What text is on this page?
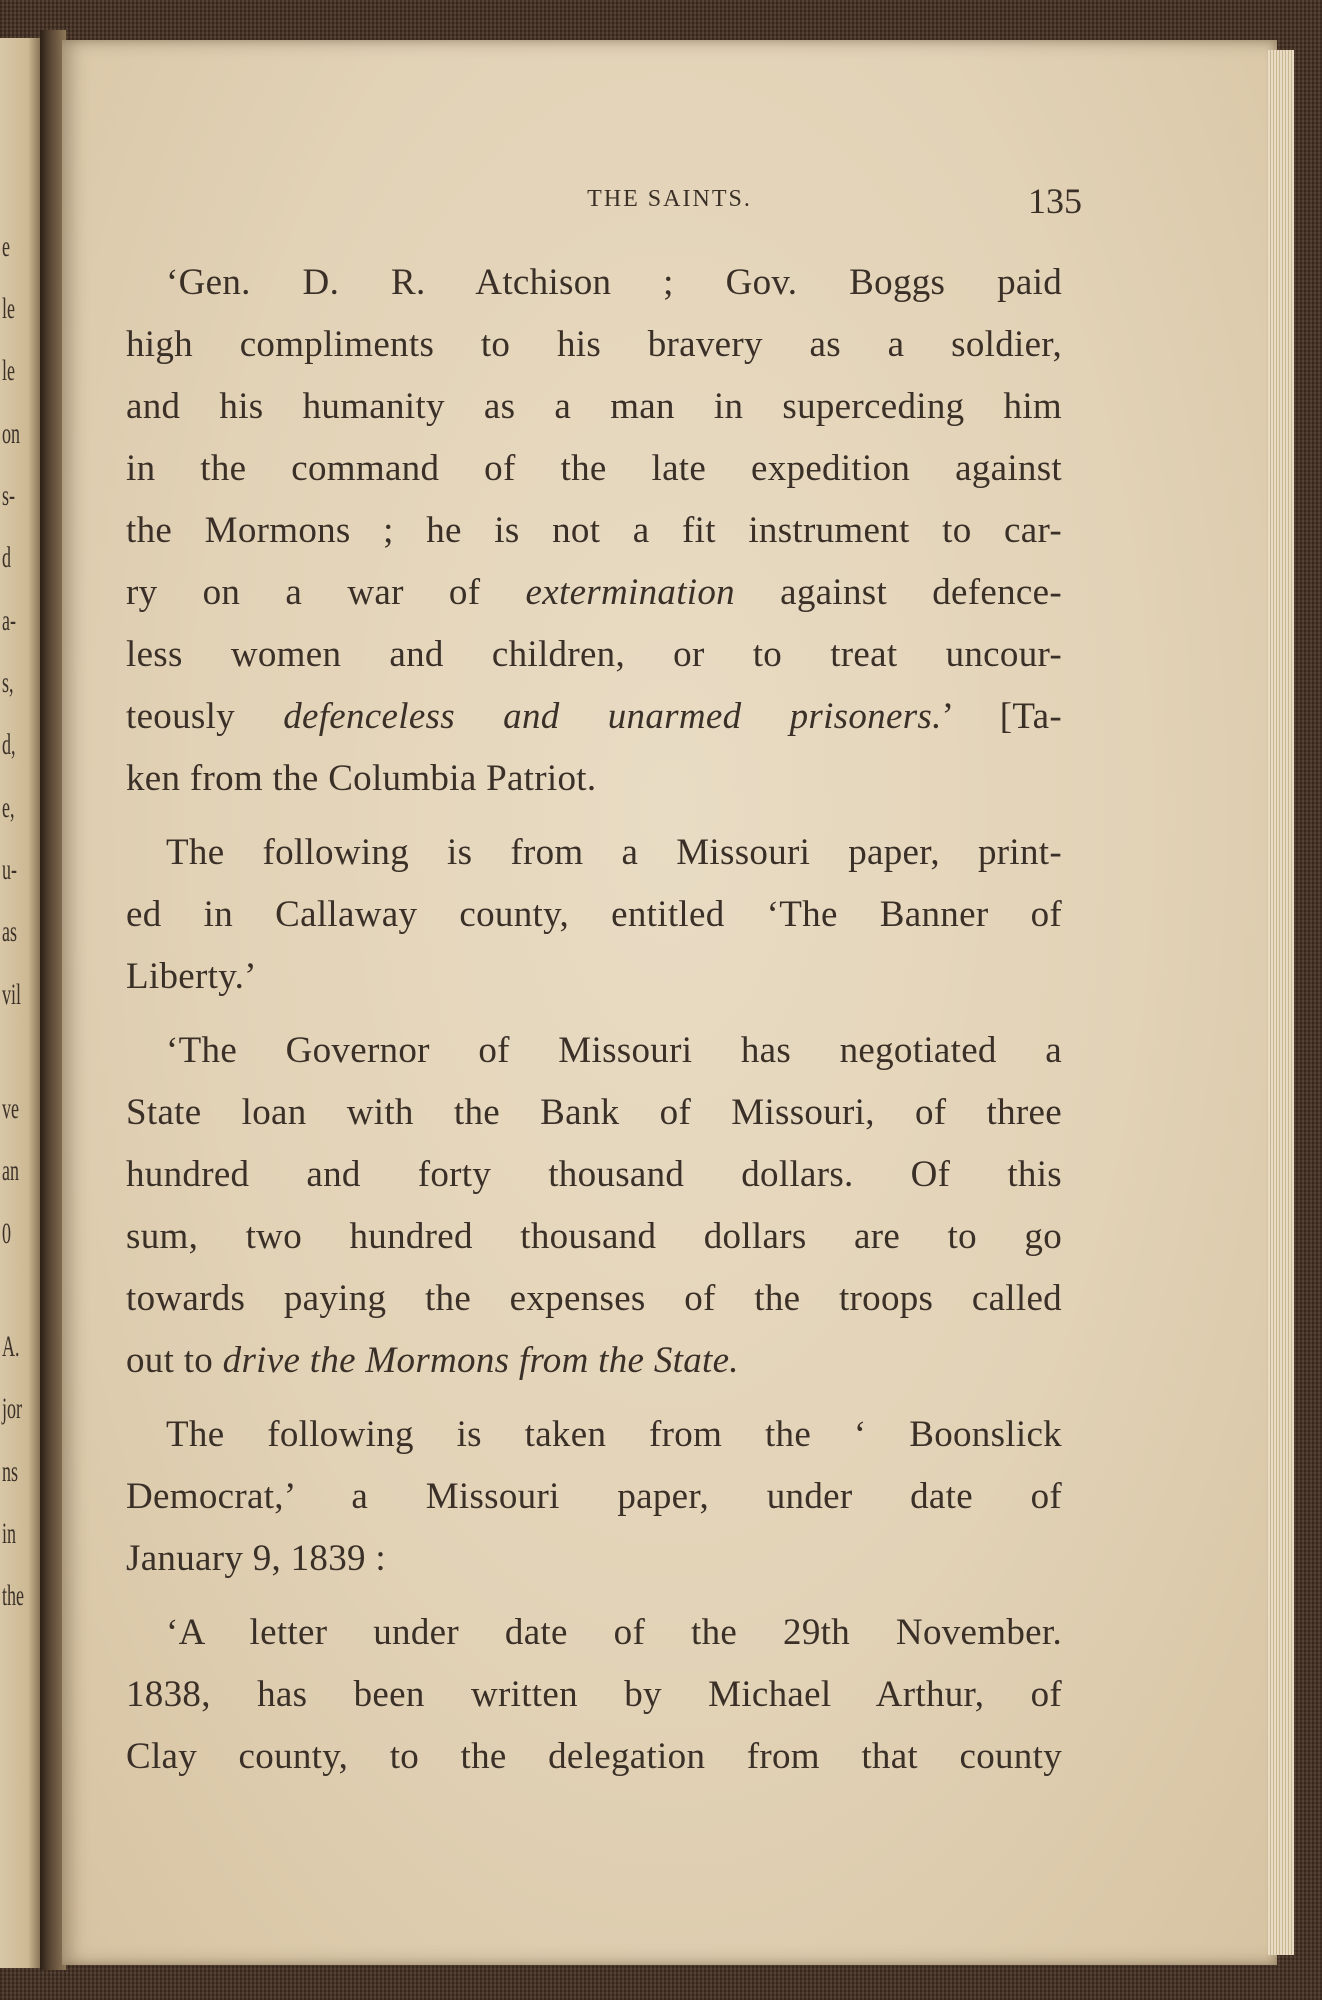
e
le
le
on
s-
d
a-
s,
d,
e,
u-
as
vil
ve
an
0
A.
jor
ns
in
the
THE SAINTS.	135
‘Gen. D. R. Atchison ; Gov. Boggs paid
high compliments to his bravery as a soldier,
and his humanity as a man in superceding him
in the command of the late expedition against
the Mormons ; he is not a fit instrument to car-
ry on a war of extermination against defence-
less women and children, or to treat uncour-
teously defenceless and unarmed prisoners.’ [Ta-
ken from the Columbia Patriot.
The following is from a Missouri paper, print-
ed in Callaway county, entitled ‘The Banner of
Liberty.’
‘The Governor of Missouri has negotiated a
State loan with the Bank of Missouri, of three
hundred and forty thousand dollars. Of this
sum, two hundred thousand dollars are to go
towards paying the expenses of the troops called
out to drive the Mormons from the State.
The following is taken from the ‘ Boonslick
Democrat,’ a Missouri paper, under date of
January 9, 1839 :
‘A letter under date of the 29th November.
1838, has been written by Michael Arthur, of
Clay county, to the delegation from that county
